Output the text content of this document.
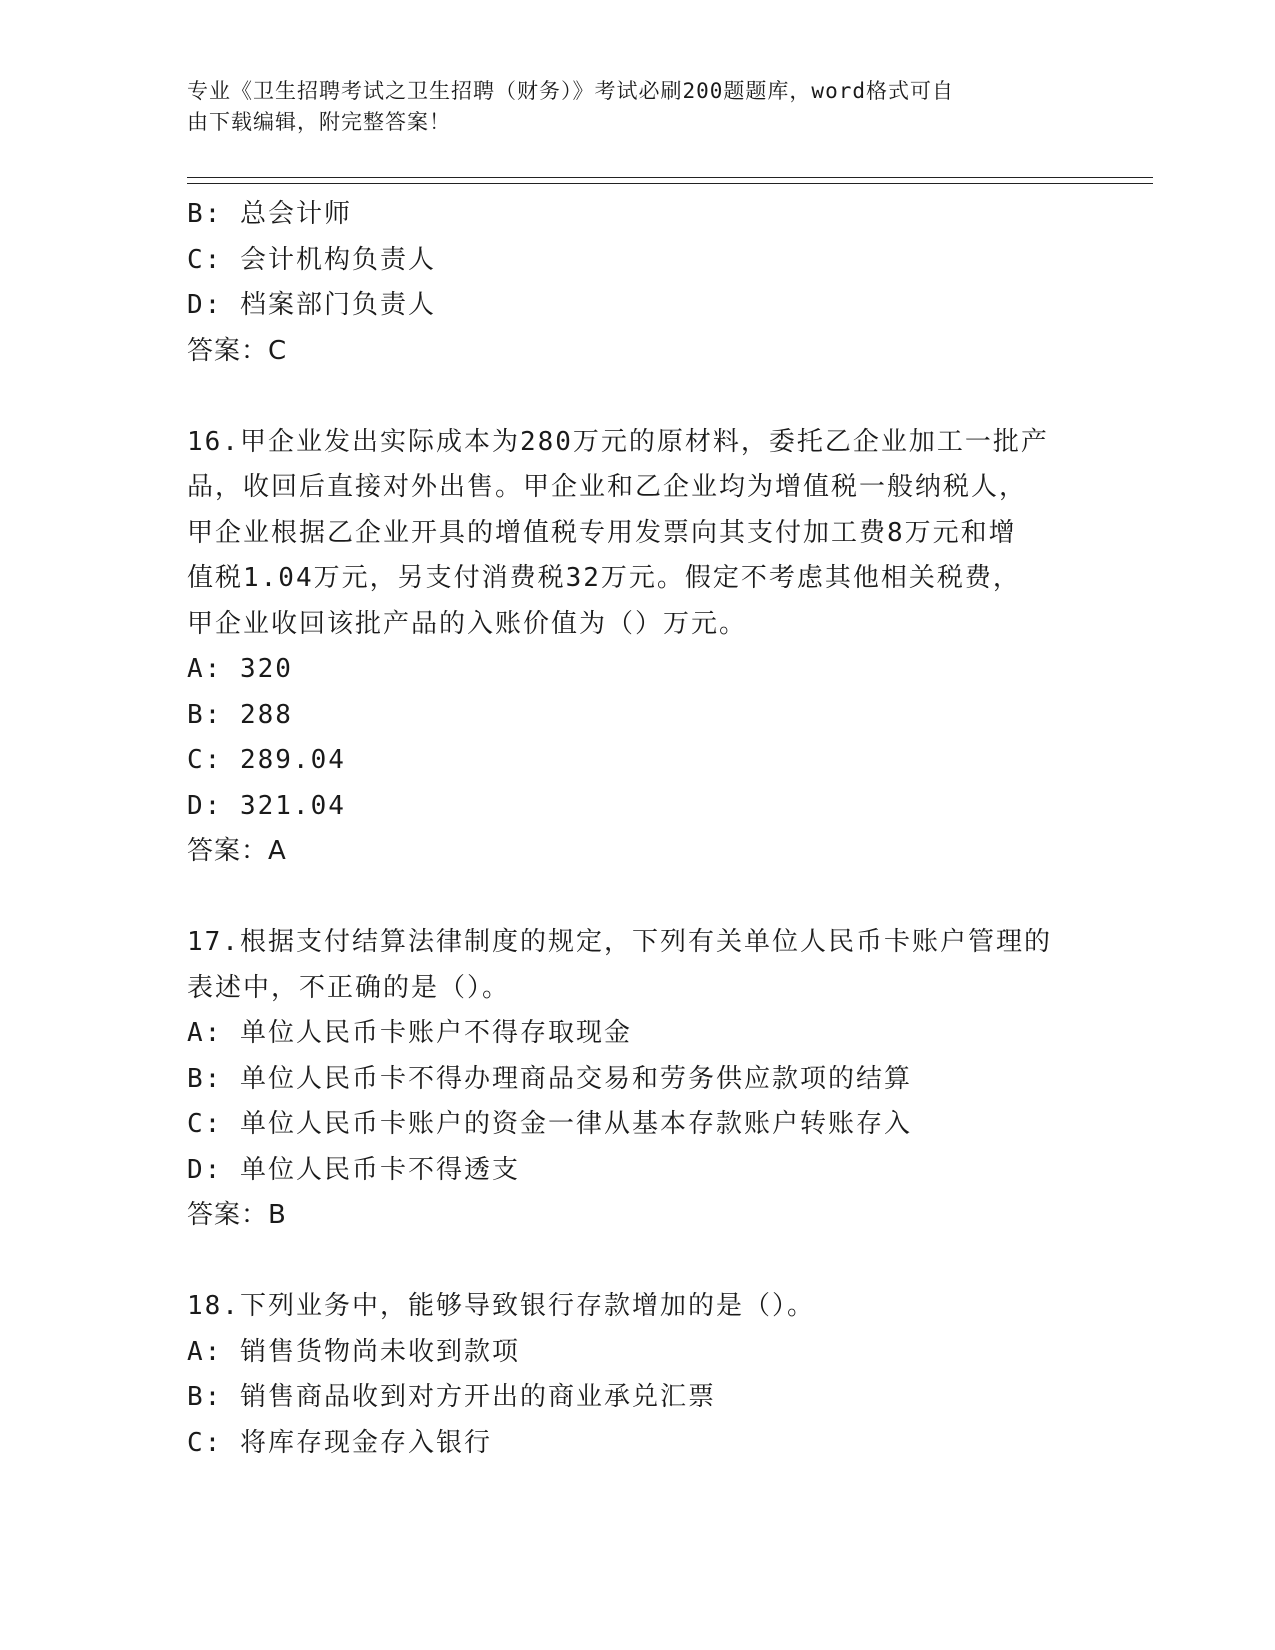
专业《卫生招聘考试之卫生招聘（财务）》考试必刷200题题库，word格式可自
由下载编辑，附完整答案！
B: 总会计师
C: 会计机构负责人
D: 档案部门负责人
答案：C
16.甲企业发出实际成本为280万元的原材料，委托乙企业加工一批产
品，收回后直接对外出售。甲企业和乙企业均为增值税一般纳税人，
甲企业根据乙企业开具的增值税专用发票向其支付加工费8万元和增
值税1.04万元，另支付消费税32万元。假定不考虑其他相关税费，
甲企业收回该批产品的入账价值为（）万元。
A: 320
B: 288
C: 289.04
D: 321.04
答案：A
17.根据支付结算法律制度的规定，下列有关单位人民币卡账户管理的
表述中，不正确的是（）。
A: 单位人民币卡账户不得存取现金
B: 单位人民币卡不得办理商品交易和劳务供应款项的结算
C: 单位人民币卡账户的资金一律从基本存款账户转账存入
D: 单位人民币卡不得透支
答案：B
18.下列业务中，能够导致银行存款增加的是（）。
A: 销售货物尚未收到款项
B: 销售商品收到对方开出的商业承兑汇票
C: 将库存现金存入银行
